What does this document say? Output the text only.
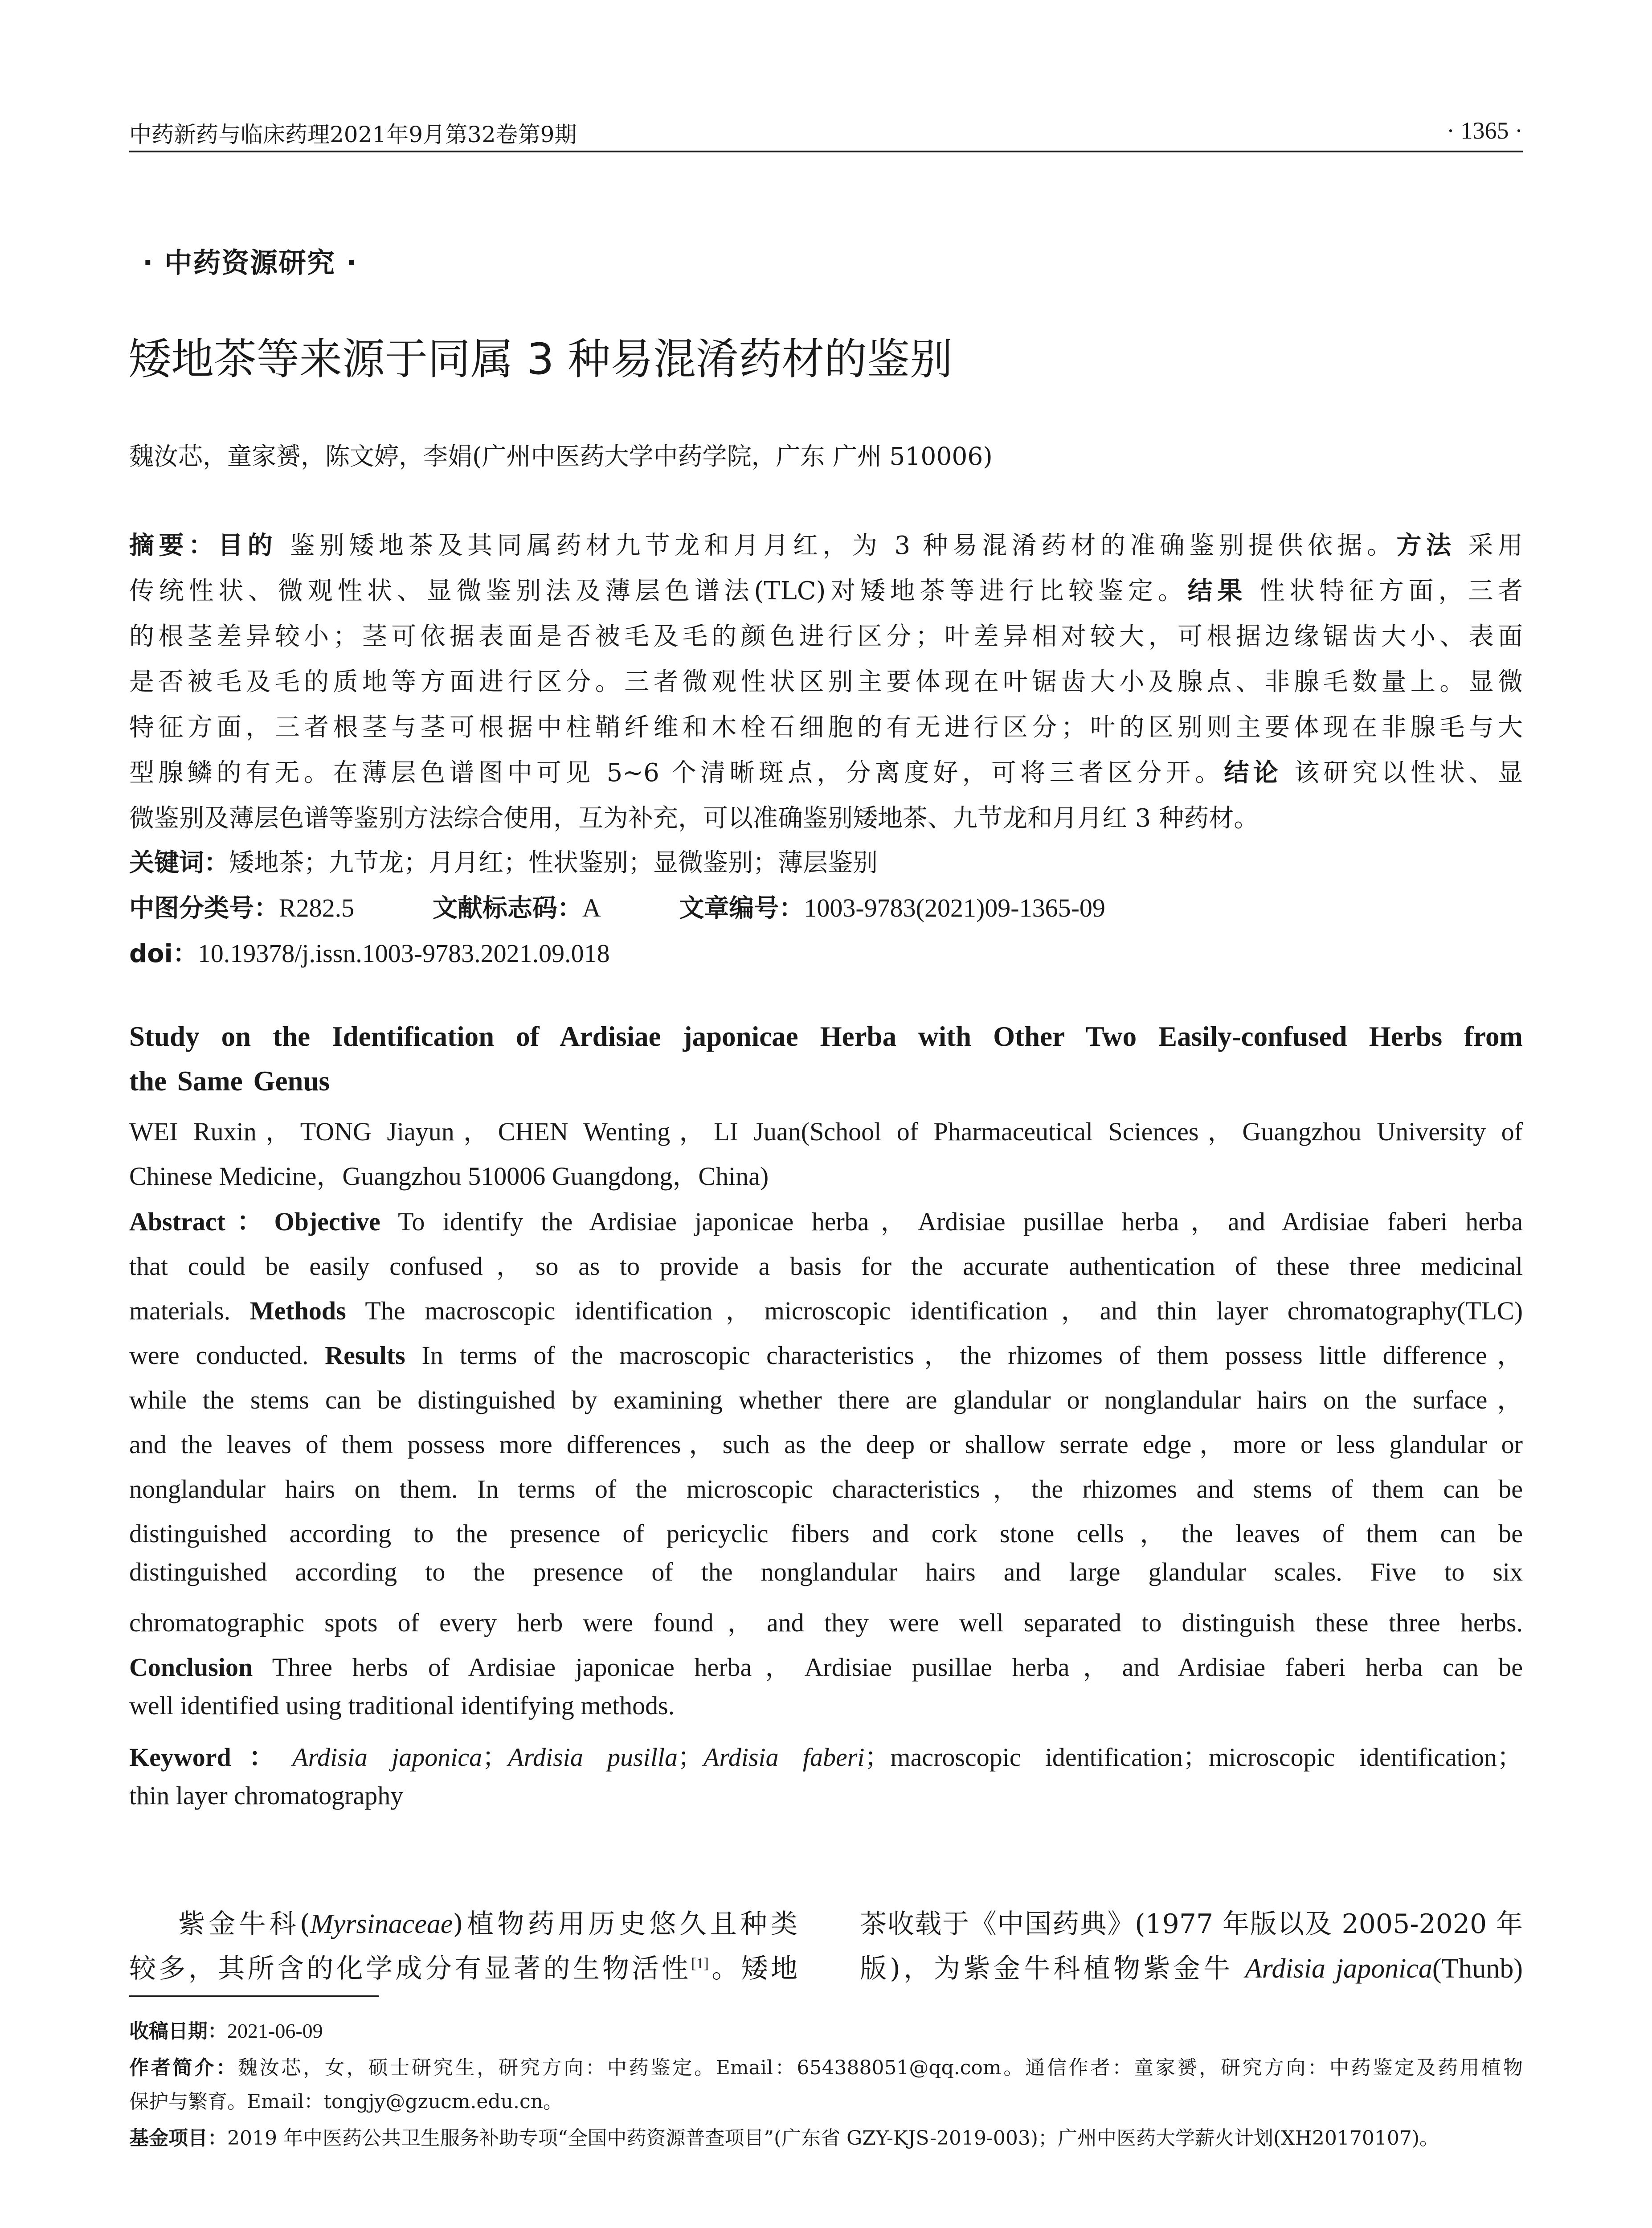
中药新药与临床药理2021年9月第32卷第9期	· 1365 ·
· 中药资源研究 ·
矮地茶等来源于同属 3 种易混淆药材的鉴别
魏汝芯，童家赟，陈文婷，李娟(广州中医药大学中药学院，广东 广州 510006)
摘要：目的 鉴别矮地茶及其同属药材九节龙和月月红，为 3 种易混淆药材的准确鉴别提供依据。方法 采用
传统性状、微观性状、显微鉴别法及薄层色谱法(TLC)对矮地茶等进行比较鉴定。结果 性状特征方面，三者
的根茎差异较小；茎可依据表面是否被毛及毛的颜色进行区分；叶差异相对较大，可根据边缘锯齿大小、表面
是否被毛及毛的质地等方面进行区分。三者微观性状区别主要体现在叶锯齿大小及腺点、非腺毛数量上。显微
特征方面，三者根茎与茎可根据中柱鞘纤维和木栓石细胞的有无进行区分；叶的区别则主要体现在非腺毛与大
型腺鳞的有无。在薄层色谱图中可见 5~6 个清晰斑点，分离度好，可将三者区分开。结论 该研究以性状、显
微鉴别及薄层色谱等鉴别方法综合使用，互为补充，可以准确鉴别矮地茶、九节龙和月月红 3 种药材。
关键词：矮地茶；九节龙；月月红；性状鉴别；显微鉴别；薄层鉴别
中图分类号：R282.5	文献标志码：A	文章编号：1003-9783(2021)09-1365-09
doi：10.19378/j.issn.1003-9783.2021.09.018
Study on the Identification of Ardisiae japonicae Herba with Other Two Easily-confused Herbs from
the Same Genus
WEI Ruxin，TONG Jiayun，CHEN Wenting，LI Juan(School of Pharmaceutical Sciences，Guangzhou University of
Chinese Medicine，Guangzhou 510006 Guangdong，China)
Abstract：Objective To identify the Ardisiae japonicae herba，Ardisiae pusillae herba，and Ardisiae faberi herba
that could be easily confused，so as to provide a basis for the accurate authentication of these three medicinal
materials. Methods The macroscopic identification，microscopic identification，and thin layer chromatography(TLC)
were conducted. Results In terms of the macroscopic characteristics，the rhizomes of them possess little difference，
while the stems can be distinguished by examining whether there are glandular or nonglandular hairs on the surface，
and the leaves of them possess more differences，such as the deep or shallow serrate edge，more or less glandular or
nonglandular hairs on them. In terms of the microscopic characteristics，the rhizomes and stems of them can be
distinguished according to the presence of pericyclic fibers and cork stone cells，the leaves of them can be
distinguished according to the presence of the nonglandular hairs and large glandular scales. Five to six
chromatographic spots of every herb were found，and they were well separated to distinguish these three herbs.
Conclusion Three herbs of Ardisiae japonicae herba，Ardisiae pusillae herba，and Ardisiae faberi herba can be
well identified using traditional identifying methods.
Keyword：Ardisia japonica；Ardisia pusilla；Ardisia faberi；macroscopic identification；microscopic identification；
thin layer chromatography
紫金牛科(Myrsinaceae)植物药用历史悠久且种类
较多，其所含的化学成分有显著的生物活性[1]。矮地
茶收载于《中国药典》(1977 年版以及 2005-2020 年
版)，为紫金牛科植物紫金牛 Ardisia japonica(Thunb)
收稿日期：2021-06-09
作者简介：魏汝芯，女，硕士研究生，研究方向：中药鉴定。Email：654388051@qq.com。通信作者：童家赟，研究方向：中药鉴定及药用植物
保护与繁育。Email：tongjy@gzucm.edu.cn。
基金项目：2019 年中医药公共卫生服务补助专项“全国中药资源普查项目”(广东省 GZY-KJS-2019-003)；广州中医药大学薪火计划(XH20170107)。
